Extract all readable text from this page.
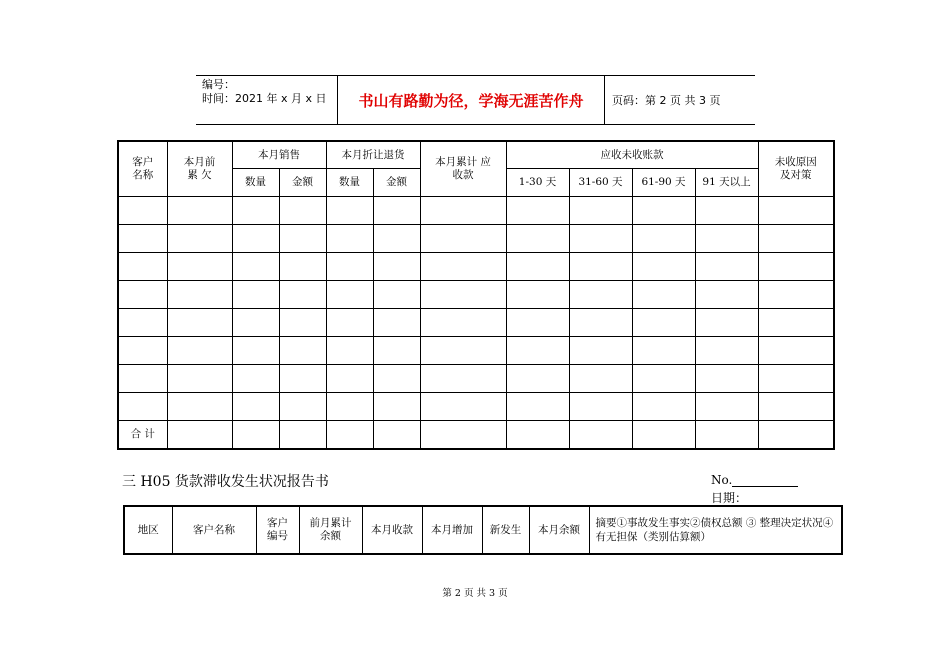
编号：
时间：2021 年 x 月 x 日	书山有路勤为径，学海无涯苦作舟	页码：第 2 页 共 3 页
客户名称	本月前 累 欠	本月销售		本月折让退货		本月累计 应收款	应收未收账款				未收原因 及对策
		数量	金额	数量	金额		1-30 天	31-60 天	61-90 天	91 天以上	

合 计											
三 H05 货款滞收发生状况报告书	No.
日期：
地区	客户名称	客户 编号	前月累计 余额	本月收款	本月增加	新发生	本月余额	摘要①事故发生事实②债权总额 ③ 整理决定状况④有无担保（类别估算额）
第 2 页 共 3 页
